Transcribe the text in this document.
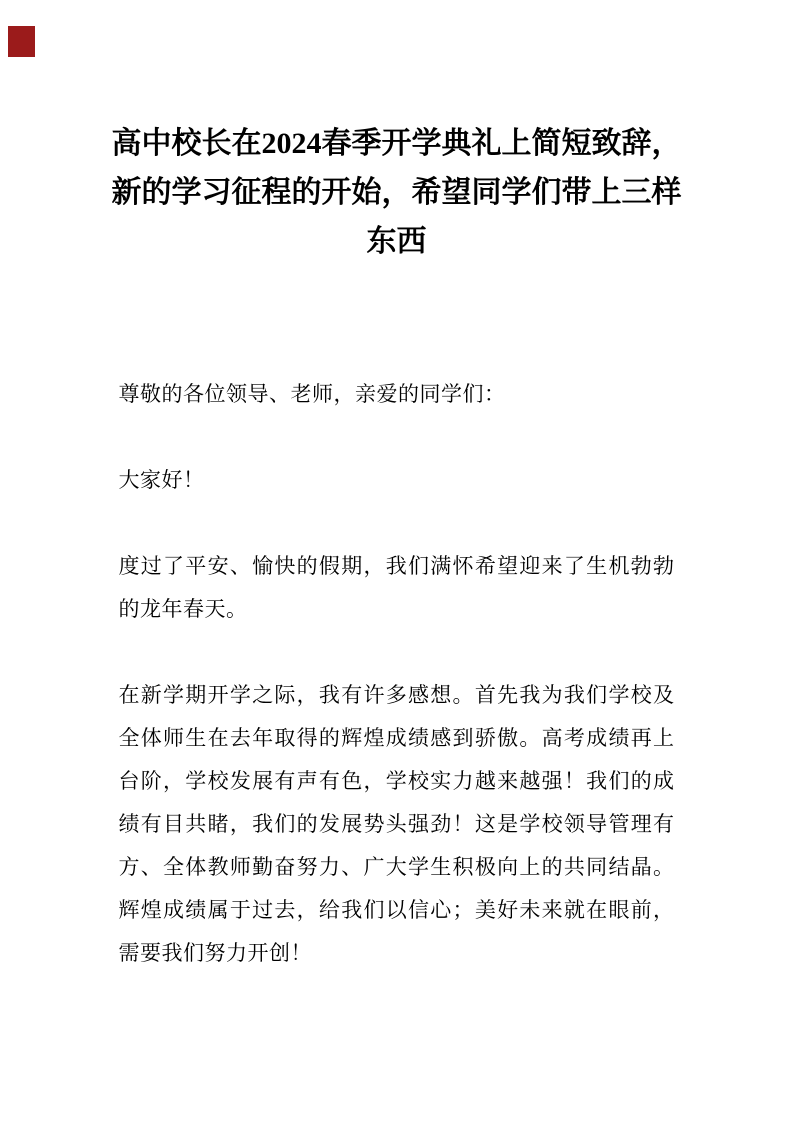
高中校长在2024春季开学典礼上简短致辞，
新的学习征程的开始，希望同学们带上三样
东西

尊敬的各位领导、老师，亲爱的同学们：

大家好！

度过了平安、愉快的假期，我们满怀希望迎来了生机勃勃的龙年春天。

在新学期开学之际，我有许多感想。首先我为我们学校及全体师生在去年取得的辉煌成绩感到骄傲。高考成绩再上台阶，学校发展有声有色，学校实力越来越强！我们的成绩有目共睹，我们的发展势头强劲！这是学校领导管理有方、全体教师勤奋努力、广大学生积极向上的共同结晶。辉煌成绩属于过去，给我们以信心；美好未来就在眼前，需要我们努力开创！
